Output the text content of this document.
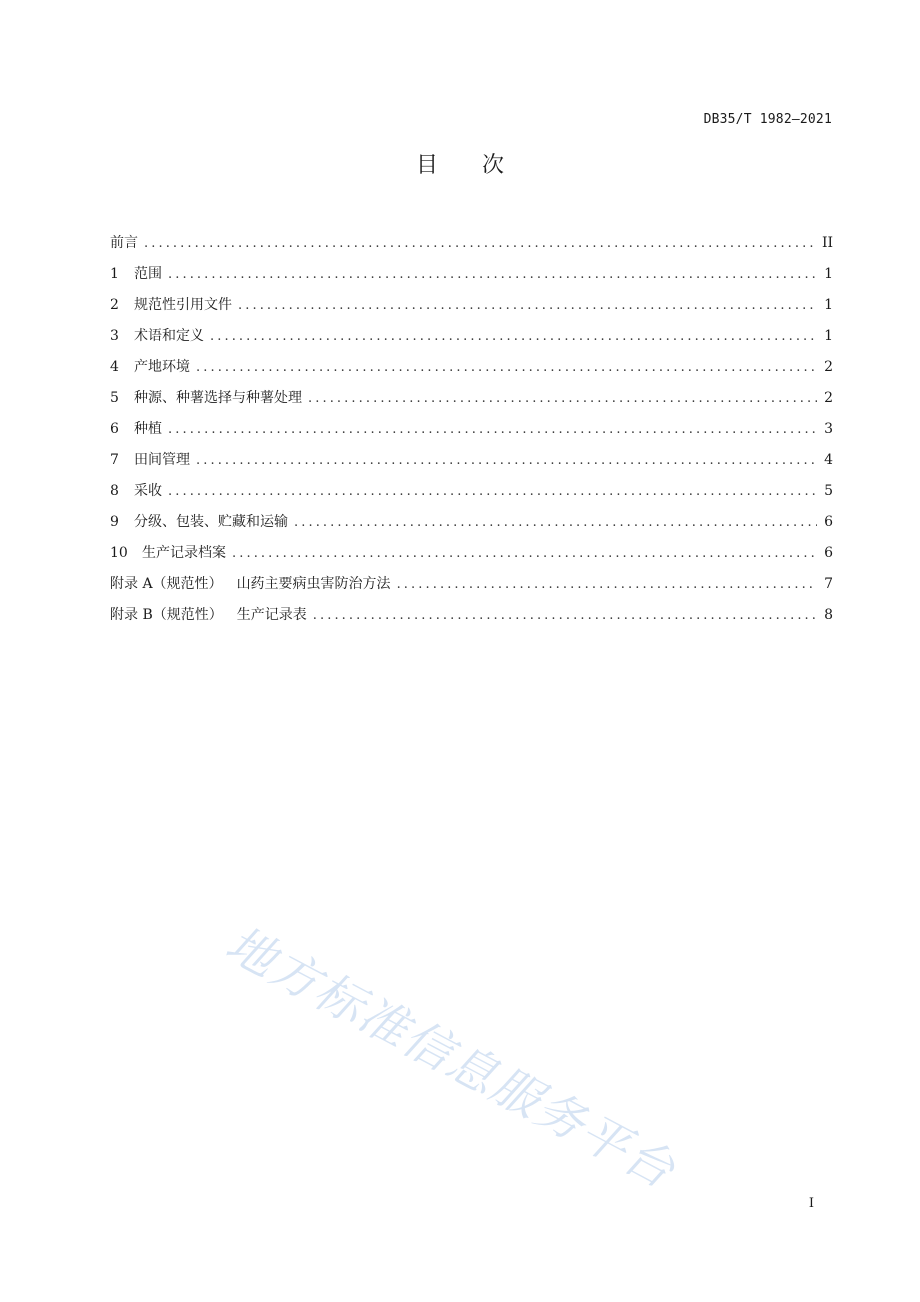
DB35/T 1982—2021
目次
前言 .....	II
1	范围 .....	1
2	规范性引用文件 .....	1
3	术语和定义 .....	1
4	产地环境 .....	2
5	种源、种薯选择与种薯处理 .....	2
6	种植 .....	3
7	田间管理 .....	4
8	采收 .....	5
9	分级、包装、贮藏和运输 .....	6
10	生产记录档案 .....	6
附录 A（规范性） 山药主要病虫害防治方法 .....	7
附录 B（规范性） 生产记录表 .....	8
地方标准信息服务平台
I
